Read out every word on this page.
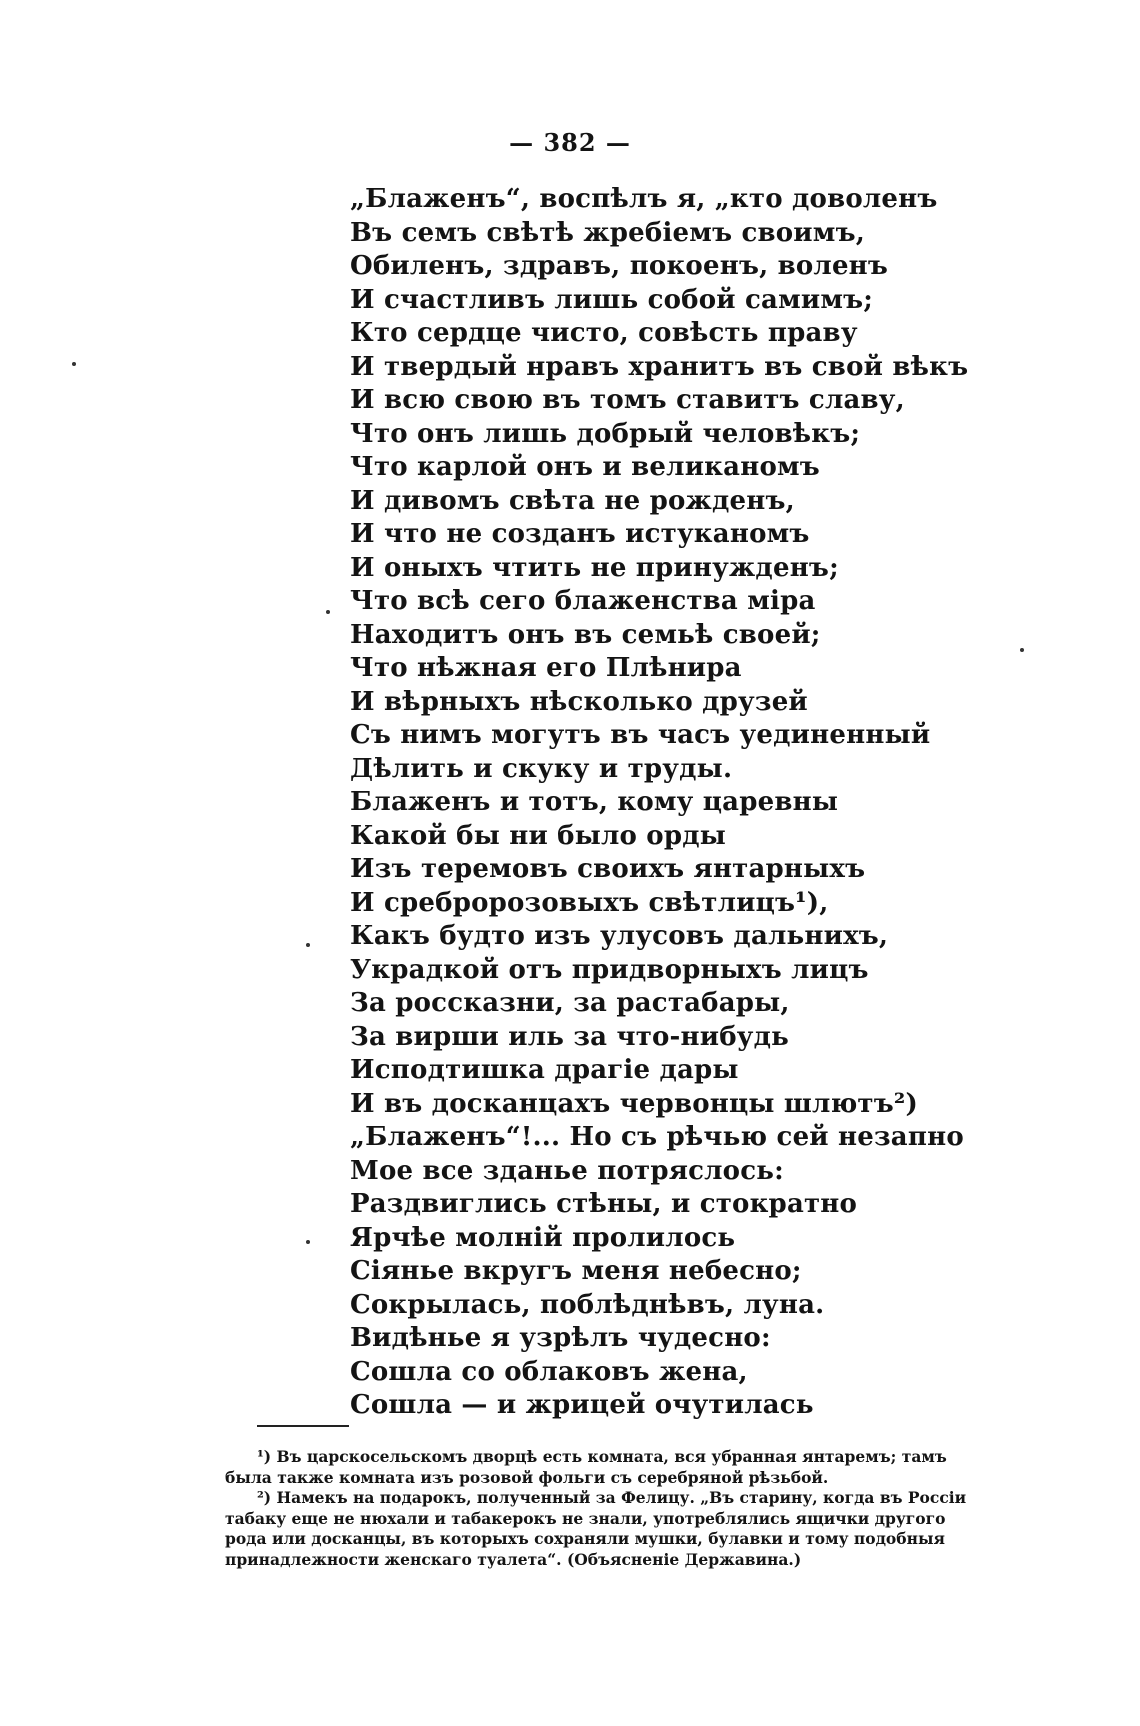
— 382 —
„Блаженъ“, воспѣлъ я, „кто доволенъ
Въ семъ свѣтѣ жребіемъ своимъ,
Обиленъ, здравъ, покоенъ, воленъ
И счастливъ лишь собой самимъ;
Кто сердце чисто, совѣсть праву
И твердый нравъ хранитъ въ свой вѣкъ
И всю свою въ томъ ставитъ славу,
Что онъ лишь добрый человѣкъ;
Что карлой онъ и великаномъ
И дивомъ свѣта не рожденъ,
И что не созданъ истуканомъ
И оныхъ чтить не принужденъ;
Что всѣ сего блаженства міра
Находитъ онъ въ семьѣ своей;
Что нѣжная его Плѣнира
И вѣрныхъ нѣсколько друзей
Съ нимъ могутъ въ часъ уединенный
Дѣлить и скуку и труды.
Блаженъ и тотъ, кому царевны
Какой бы ни было орды
Изъ теремовъ своихъ янтарныхъ
И сребророзовыхъ свѣтлицъ¹),
Какъ будто изъ улусовъ дальнихъ,
Украдкой отъ придворныхъ лицъ
За россказни, за растабары,
За вирши иль за что-нибудь
Исподтишка драгіе дары
И въ досканцахъ червонцы шлютъ²)
„Блаженъ“!... Но съ рѣчью сей незапно
Мое все зданье потряслось:
Раздвиглись стѣны, и стократно
Ярчѣе молній пролилось
Сіянье вкругъ меня небесно;
Сокрылась, поблѣднѣвъ, луна.
Видѣнье я узрѣлъ чудесно:
Сошла со облаковъ жена,
Сошла — и жрицей очутилась
¹) Въ царскосельскомъ дворцѣ есть комната, вся убранная янтаремъ; тамъ
была также комната изъ розовой фольги съ серебряной рѣзьбой.
²) Намекъ на подарокъ, полученный за Фелицу. „Въ старину, когда въ Россіи
табаку еще не нюхали и табакерокъ не знали, употреблялись ящички другого
рода или досканцы, въ которыхъ сохраняли мушки, булавки и тому подобныя
принадлежности женскаго туалета“. (Объясненіе Державина.)
